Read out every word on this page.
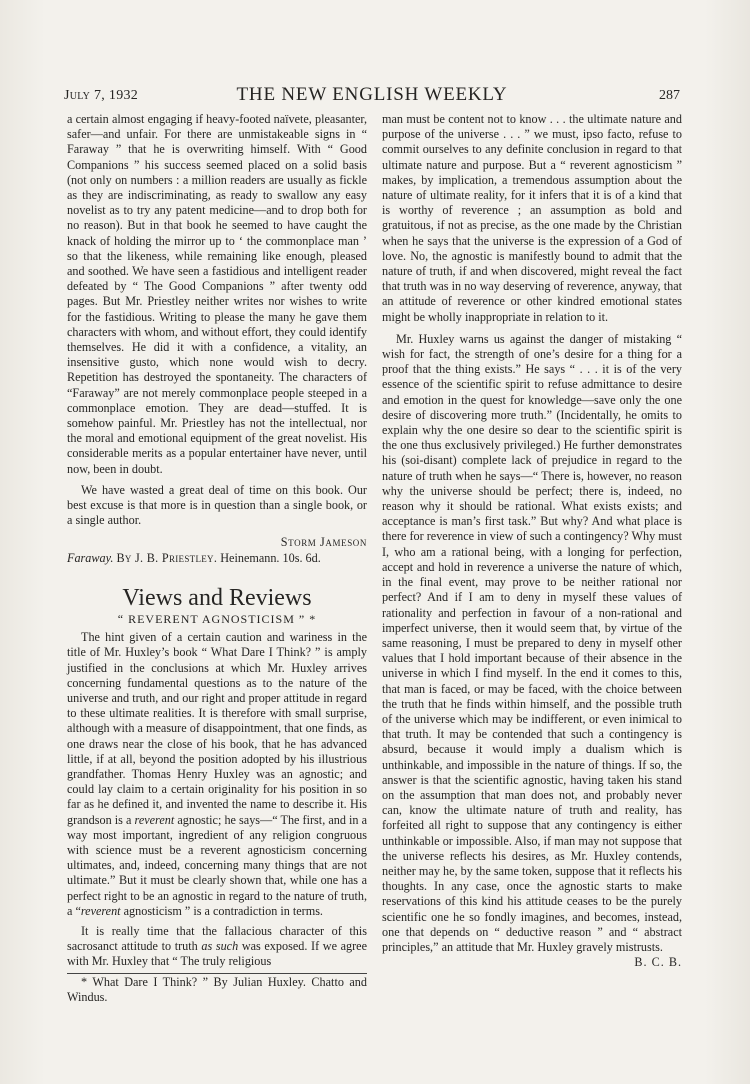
July 7, 1932	THE NEW ENGLISH WEEKLY	287

a certain almost engaging if heavy-footed naïvete, pleasanter, safer—and unfair. For there are unmistakeable signs in “ Faraway ” that he is overwriting himself. With “ Good Companions ” his success seemed placed on a solid basis (not only on numbers : a million readers are usually as fickle as they are indiscriminating, as ready to swallow any easy novelist as to try any patent medicine—and to drop both for no reason). But in that book he seemed to have caught the knack of holding the mirror up to ‘ the commonplace man ’ so that the likeness, while remaining like enough, pleased and soothed. We have seen a fastidious and intelligent reader defeated by “ The Good Companions ” after twenty odd pages. But Mr. Priestley neither writes nor wishes to write for the fastidious. Writing to please the many he gave them characters with whom, and without effort, they could identify themselves. He did it with a confidence, a vitality, an insensitive gusto, which none would wish to decry. Repetition has destroyed the spontaneity. The characters of “Faraway” are not merely commonplace people steeped in a commonplace emotion. They are dead—stuffed. It is somehow painful. Mr. Priestley has not the intellectual, nor the moral and emotional equipment of the great novelist. His considerable merits as a popular entertainer have never, until now, been in doubt.

We have wasted a great deal of time on this book. Our best excuse is that more is in question than a single book, or a single author.

Storm Jameson

Faraway. By J. B. Priestley. Heinemann. 10s. 6d.

Views and Reviews
“ REVERENT AGNOSTICISM ” *

The hint given of a certain caution and wariness in the title of Mr. Huxley’s book “ What Dare I Think? ” is amply justified in the conclusions at which Mr. Huxley arrives concerning fundamental questions as to the nature of the universe and truth, and our right and proper attitude in regard to these ultimate realities. It is therefore with small surprise, although with a measure of disappointment, that one finds, as one draws near the close of his book, that he has advanced little, if at all, beyond the position adopted by his illustrious grandfather. Thomas Henry Huxley was an agnostic; and could lay claim to a certain originality for his position in so far as he defined it, and invented the name to describe it. His grandson is a reverent agnostic; he says—“ The first, and in a way most important, ingredient of any religion congruous with science must be a reverent agnosticism concerning ultimates, and, indeed, concerning many things that are not ultimate.” But it must be clearly shown that, while one has a perfect right to be an agnostic in regard to the nature of truth, a “reverent agnosticism ” is a contradiction in terms.

It is really time that the fallacious character of this sacrosanct attitude to truth as such was exposed. If we agree with Mr. Huxley that “ The truly religious

* What Dare I Think? ” By Julian Huxley. Chatto and Windus.

man must be content not to know . . . the ultimate nature and purpose of the universe . . . ” we must, ipso facto, refuse to commit ourselves to any definite conclusion in regard to that ultimate nature and purpose. But a “ reverent agnosticism ” makes, by implication, a tremendous assumption about the nature of ultimate reality, for it infers that it is of a kind that is worthy of reverence ; an assumption as bold and gratuitous, if not as precise, as the one made by the Christian when he says that the universe is the expression of a God of love. No, the agnostic is manifestly bound to admit that the nature of truth, if and when discovered, might reveal the fact that truth was in no way deserving of reverence, anyway, that an attitude of reverence or other kindred emotional states might be wholly inappropriate in relation to it.

Mr. Huxley warns us against the danger of mistaking “ wish for fact, the strength of one’s desire for a thing for a proof that the thing exists.” He says “ . . . it is of the very essence of the scientific spirit to refuse admittance to desire and emotion in the quest for knowledge—save only the one desire of discovering more truth.” (Incidentally, he omits to explain why the one desire so dear to the scientific spirit is the one thus exclusively privileged.) He further demonstrates his (soi-disant) complete lack of prejudice in regard to the nature of truth when he says—“ There is, however, no reason why the universe should be perfect; there is, indeed, no reason why it should be rational. What exists exists; and acceptance is man’s first task.” But why? And what place is there for reverence in view of such a contingency? Why must I, who am a rational being, with a longing for perfection, accept and hold in reverence a universe the nature of which, in the final event, may prove to be neither rational nor perfect? And if I am to deny in myself these values of rationality and perfection in favour of a non-rational and imperfect universe, then it would seem that, by virtue of the same reasoning, I must be prepared to deny in myself other values that I hold important because of their absence in the universe in which I find myself. In the end it comes to this, that man is faced, or may be faced, with the choice between the truth that he finds within himself, and the possible truth of the universe which may be indifferent, or even inimical to that truth. It may be contended that such a contingency is absurd, because it would imply a dualism which is unthinkable, and impossible in the nature of things. If so, the answer is that the scientific agnostic, having taken his stand on the assumption that man does not, and probably never can, know the ultimate nature of truth and reality, has forfeited all right to suppose that any contingency is either unthinkable or impossible. Also, if man may not suppose that the universe reflects his desires, as Mr. Huxley contends, neither may he, by the same token, suppose that it reflects his thoughts. In any case, once the agnostic starts to make reservations of this kind his attitude ceases to be the purely scientific one he so fondly imagines, and becomes, instead, one that depends on “ deductive reason ” and “ abstract principles,” an attitude that Mr. Huxley gravely mistrusts.

B. C. B.
